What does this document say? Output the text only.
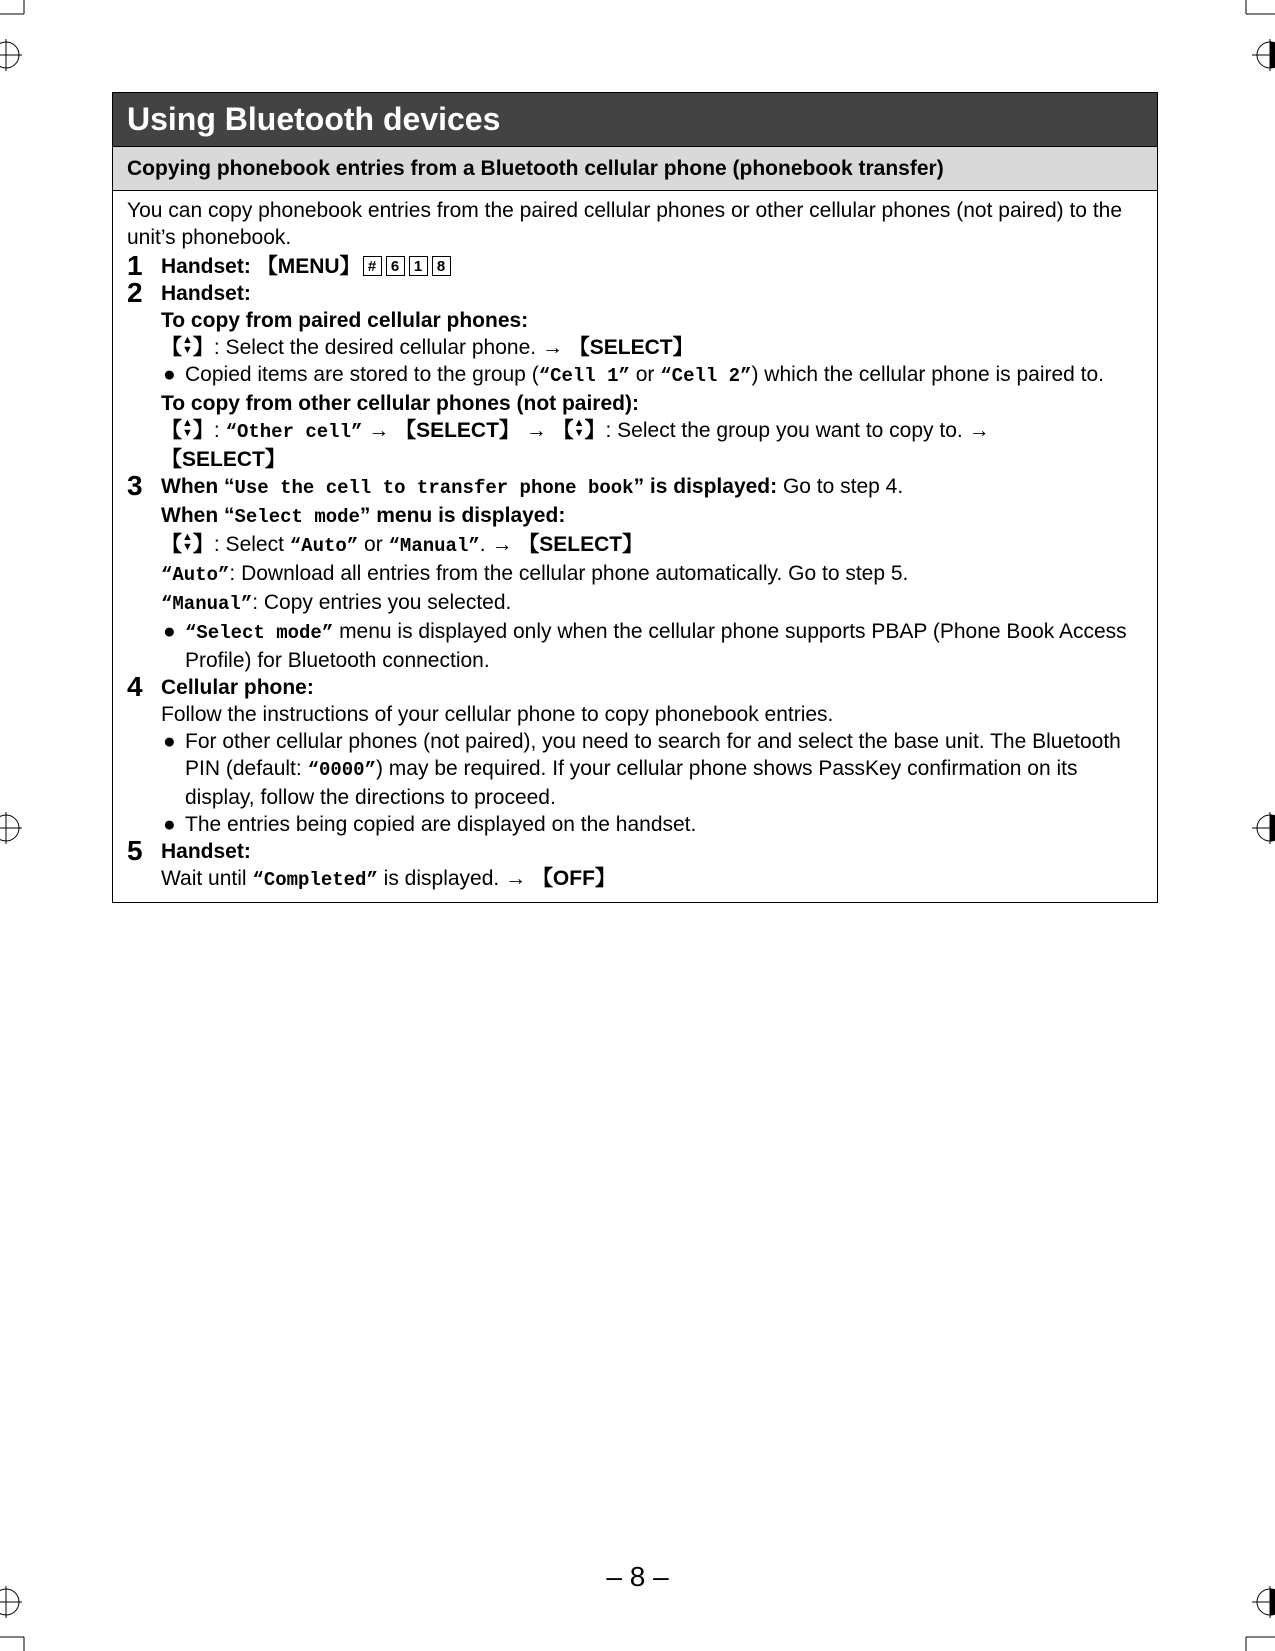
Using Bluetooth devices
Copying phonebook entries from a Bluetooth cellular phone (phonebook transfer)

You can copy phonebook entries from the paired cellular phones or other cellular phones (not paired) to the unit’s phonebook.

1 Handset: 【MENU】 # 6 1 8

2 Handset:

To copy from paired cellular phones:

【▲
▼】: Select the desired cellular phone. → 【SELECT】

● Copied items are stored to the group (“Cell 1” or “Cell 2”) which the cellular phone is paired to.

To copy from other cellular phones (not paired):

【▲
▼】: “Other cell” → 【SELECT】 → 【▲
▼】: Select the group you want to copy to. →
【SELECT】

3 When “Use the cell to transfer phone book” is displayed: Go to step 4.

When “Select mode” menu is displayed:

【▲
▼】: Select “Auto” or “Manual”. → 【SELECT】

“Auto”: Download all entries from the cellular phone automatically. Go to step 5.

“Manual”: Copy entries you selected.

● “Select mode” menu is displayed only when the cellular phone supports PBAP (Phone Book Access Profile) for Bluetooth connection.
4 Cellular phone:

Follow the instructions of your cellular phone to copy phonebook entries.

● For other cellular phones (not paired), you need to search for and select the base unit. The Bluetooth PIN (default: “0000”) may be required. If your cellular phone shows PassKey confirmation on its display, follow the directions to proceed.
● The entries being copied are displayed on the handset.
5 Handset:

Wait until “Completed” is displayed. → 【OFF】

– 8 –
